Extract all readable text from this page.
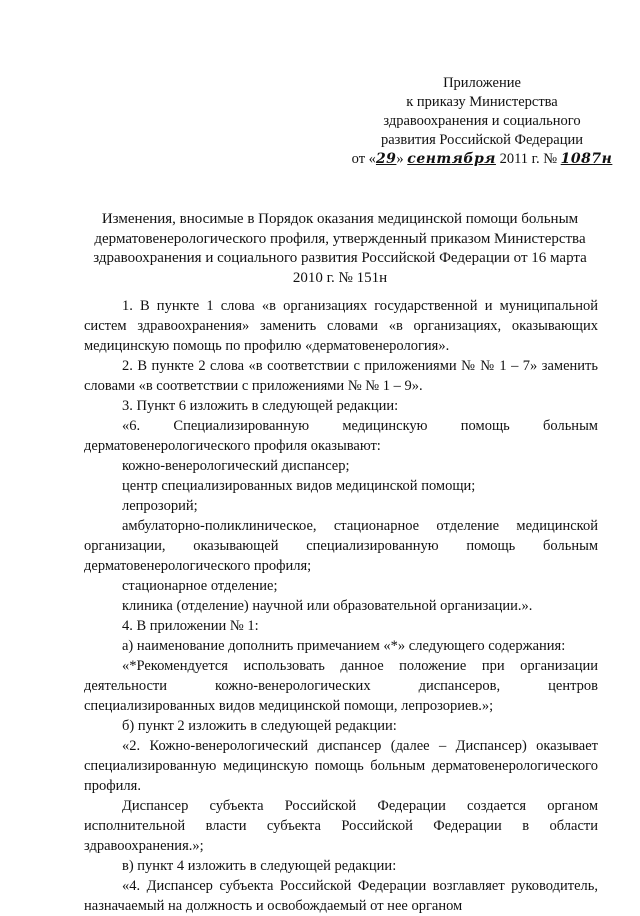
Приложение
к приказу Министерства
здравоохранения и социального
развития Российской Федерации
от «29» сентября 2011 г. № 1087н
Изменения, вносимые в Порядок оказания медицинской помощи больным дерматовенерологического профиля, утвержденный приказом Министерства здравоохранения и социального развития Российской Федерации от 16 марта 2010 г. № 151н

1. В пункте 1 слова «в организациях государственной и муниципальной систем здравоохранения» заменить словами «в организациях, оказывающих медицинскую помощь по профилю «дерматовенерология».

2. В пункте 2 слова «в соответствии с приложениями № № 1 – 7» заменить словами «в соответствии с приложениями № № 1 – 9».

3. Пункт 6 изложить в следующей редакции:

«6. Специализированную медицинскую помощь больным дерматовенерологического профиля оказывают:

кожно-венерологический диспансер;

центр специализированных видов медицинской помощи;

лепрозорий;

амбулаторно-поликлиническое, стационарное отделение медицинской организации, оказывающей специализированную помощь больным дерматовенерологического профиля;

стационарное отделение;

клиника (отделение) научной или образовательной организации.».

4. В приложении № 1:

а) наименование дополнить примечанием «*» следующего содержания:

«*Рекомендуется использовать данное положение при организации деятельности кожно-венерологических диспансеров, центров специализированных видов медицинской помощи, лепрозориев.»;

б) пункт 2 изложить в следующей редакции:

«2. Кожно-венерологический диспансер (далее – Диспансер) оказывает специализированную медицинскую помощь больным дерматовенерологического профиля.

Диспансер субъекта Российской Федерации создается органом исполнительной власти субъекта Российской Федерации в области здравоохранения.»;

в) пункт 4 изложить в следующей редакции:

«4. Диспансер субъекта Российской Федерации возглавляет руководитель, назначаемый на должность и освобождаемый от нее органом
